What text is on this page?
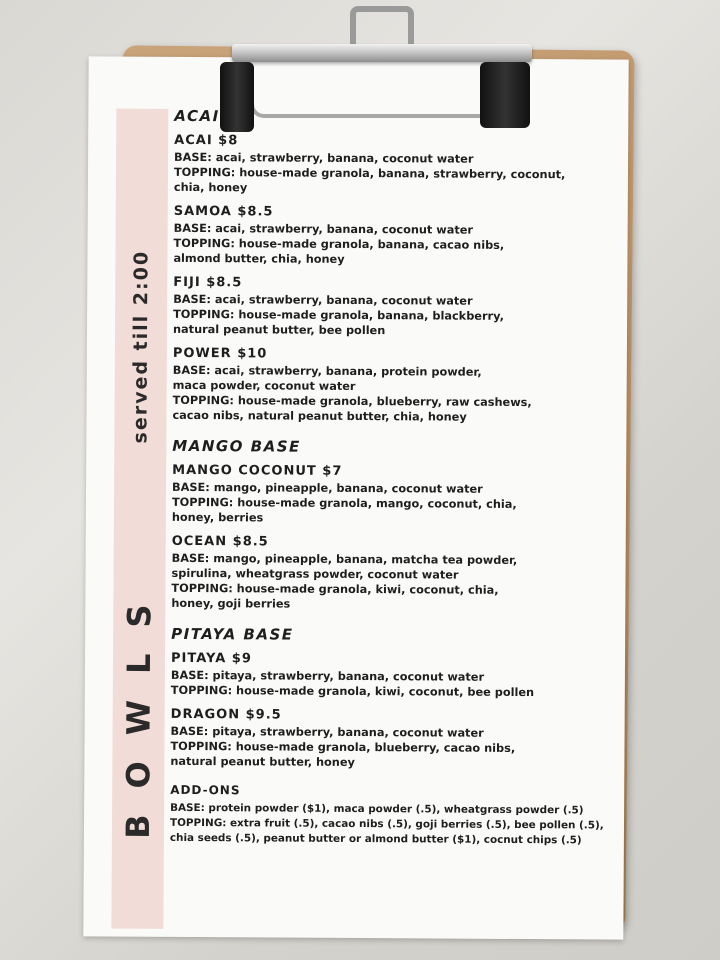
served till 2:00
BOWLS
ACAI
ACAI $8
BASE: acai, strawberry, banana, coconut water
TOPPING: house-made granola, banana, strawberry, coconut,
chia, honey
SAMOA $8.5
BASE: acai, strawberry, banana, coconut water
TOPPING: house-made granola, banana, cacao nibs,
almond butter, chia, honey
FIJI $8.5
BASE: acai, strawberry, banana, coconut water
TOPPING: house-made granola, banana, blackberry,
natural peanut butter, bee pollen
POWER $10
BASE: acai, strawberry, banana, protein powder,
maca powder, coconut water
TOPPING: house-made granola, blueberry, raw cashews,
cacao nibs, natural peanut butter, chia, honey
MANGO BASE
MANGO COCONUT $7
BASE: mango, pineapple, banana, coconut water
TOPPING: house-made granola, mango, coconut, chia,
honey, berries
OCEAN $8.5
BASE: mango, pineapple, banana, matcha tea powder,
spirulina, wheatgrass powder, coconut water
TOPPING: house-made granola, kiwi, coconut, chia,
honey, goji berries
PITAYA BASE
PITAYA $9
BASE: pitaya, strawberry, banana, coconut water
TOPPING: house-made granola, kiwi, coconut, bee pollen
DRAGON $9.5
BASE: pitaya, strawberry, banana, coconut water
TOPPING: house-made granola, blueberry, cacao nibs,
natural peanut butter, honey
ADD-ONS
BASE: protein powder ($1), maca powder (.5), wheatgrass powder (.5)
TOPPING: extra fruit (.5), cacao nibs (.5), goji berries (.5), bee pollen (.5),
chia seeds (.5), peanut butter or almond butter ($1), cocnut chips (.5)
